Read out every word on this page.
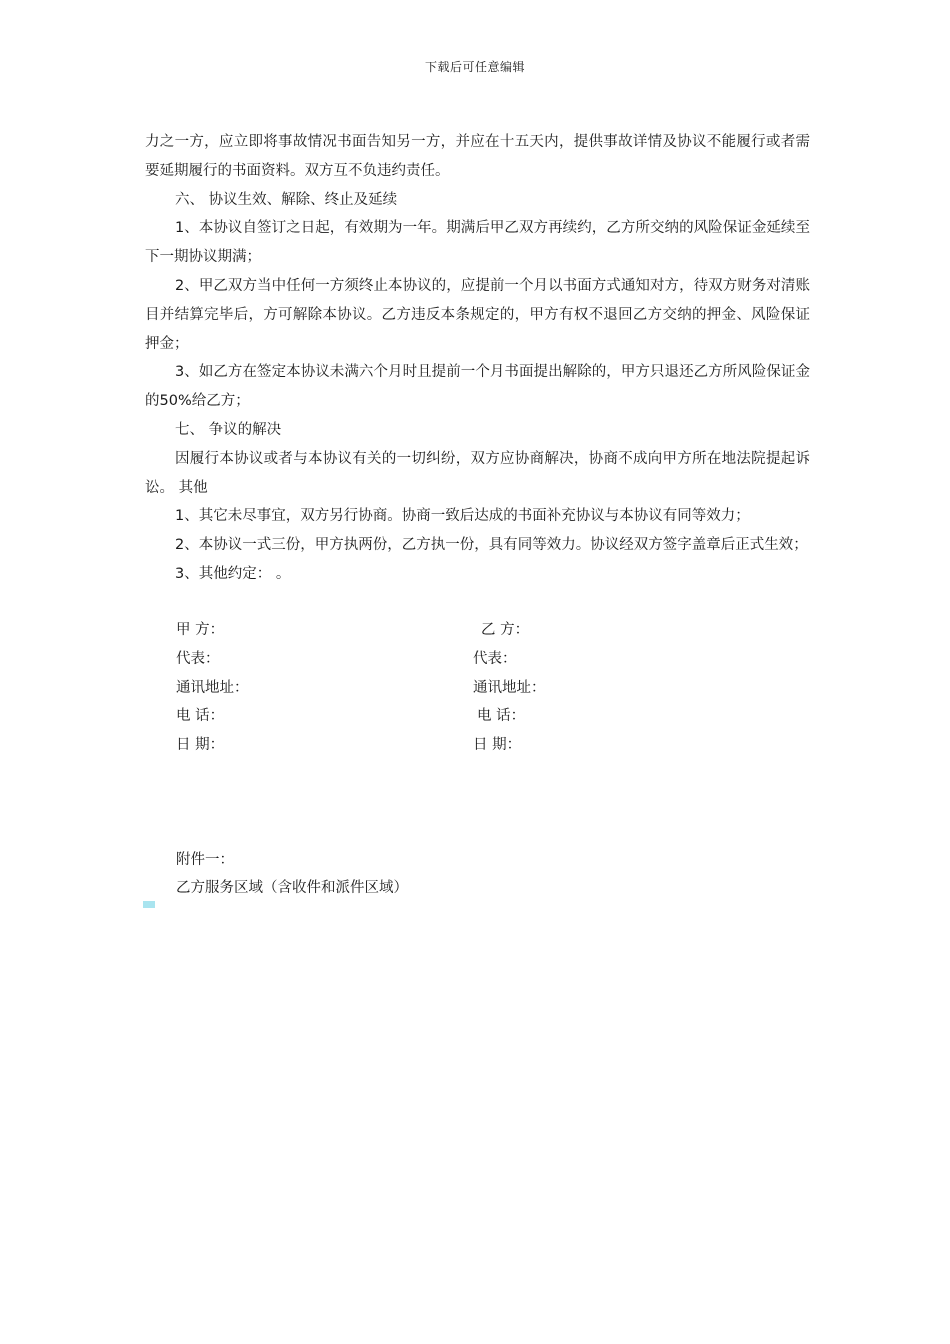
下载后可任意编辑

力之一方，应立即将事故情况书面告知另一方，并应在十五天内，提供事故详情及协议不能履行或者需要延期履行的书面资料。双方互不负违约责任。

六、 协议生效、解除、终止及延续

1、本协议自签订之日起，有效期为一年。期满后甲乙双方再续约，乙方所交纳的风险保证金延续至下一期协议期满；

2、甲乙双方当中任何一方须终止本协议的，应提前一个月以书面方式通知对方，待双方财务对清账目并结算完毕后，方可解除本协议。乙方违反本条规定的，甲方有权不退回乙方交纳的押金、风险保证押金；

3、如乙方在签定本协议未满六个月时且提前一个月书面提出解除的，甲方只退还乙方所风险保证金的50%给乙方；

七、 争议的解决

因履行本协议或者与本协议有关的一切纠纷，双方应协商解决，协商不成向甲方所在地法院提起诉讼。 其他

1、其它未尽事宜，双方另行协商。协商一致后达成的书面补充协议与本协议有同等效力；

2、本协议一式三份，甲方执两份，乙方执一份，具有同等效力。协议经双方签字盖章后正式生效；

3、其他约定： 。

甲 方：
代表：
通讯地址：
电 话：
日 期：
乙 方：
代表：
通讯地址：
电 话：
日 期：
附件一：
乙方服务区域（含收件和派件区域）
